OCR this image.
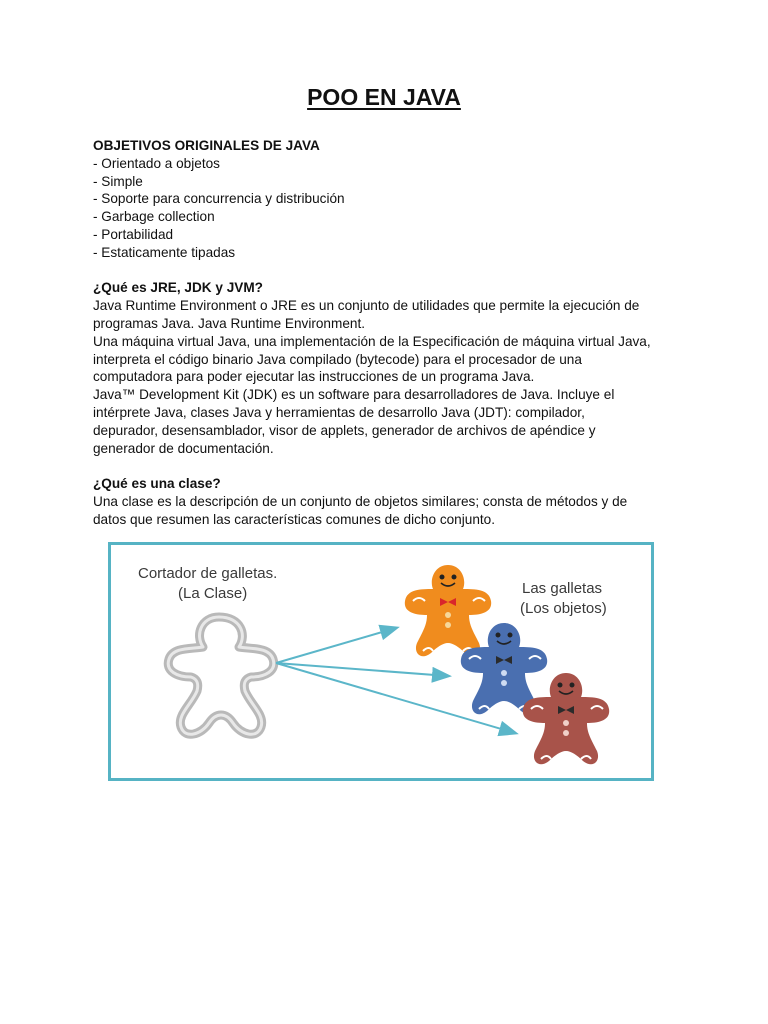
POO EN JAVA
OBJETIVOS ORIGINALES DE JAVA
- Orientado a objetos
- Simple
- Soporte para concurrencia y distribución
- Garbage collection
- Portabilidad
- Estaticamente tipadas
¿Qué es JRE, JDK y JVM?
Java Runtime Environment o JRE es un conjunto de utilidades que permite la ejecución de
programas Java. Java Runtime Environment.
Una máquina virtual Java, una implementación de la Especificación de máquina virtual Java,
interpreta el código binario Java compilado (bytecode) para el procesador de una
computadora para poder ejecutar las instrucciones de un programa Java.
Java™ Development Kit (JDK) es un software para desarrolladores de Java. Incluye el
intérprete Java, clases Java y herramientas de desarrollo Java (JDT): compilador,
depurador, desensamblador, visor de applets, generador de archivos de apéndice y
generador de documentación.
¿Qué es una clase?
Una clase es la descripción de un conjunto de objetos similares; consta de métodos y de
datos que resumen las características comunes de dicho conjunto.
Cortador de galletas.
(La Clase)	Las galletas
(Los objetos)
